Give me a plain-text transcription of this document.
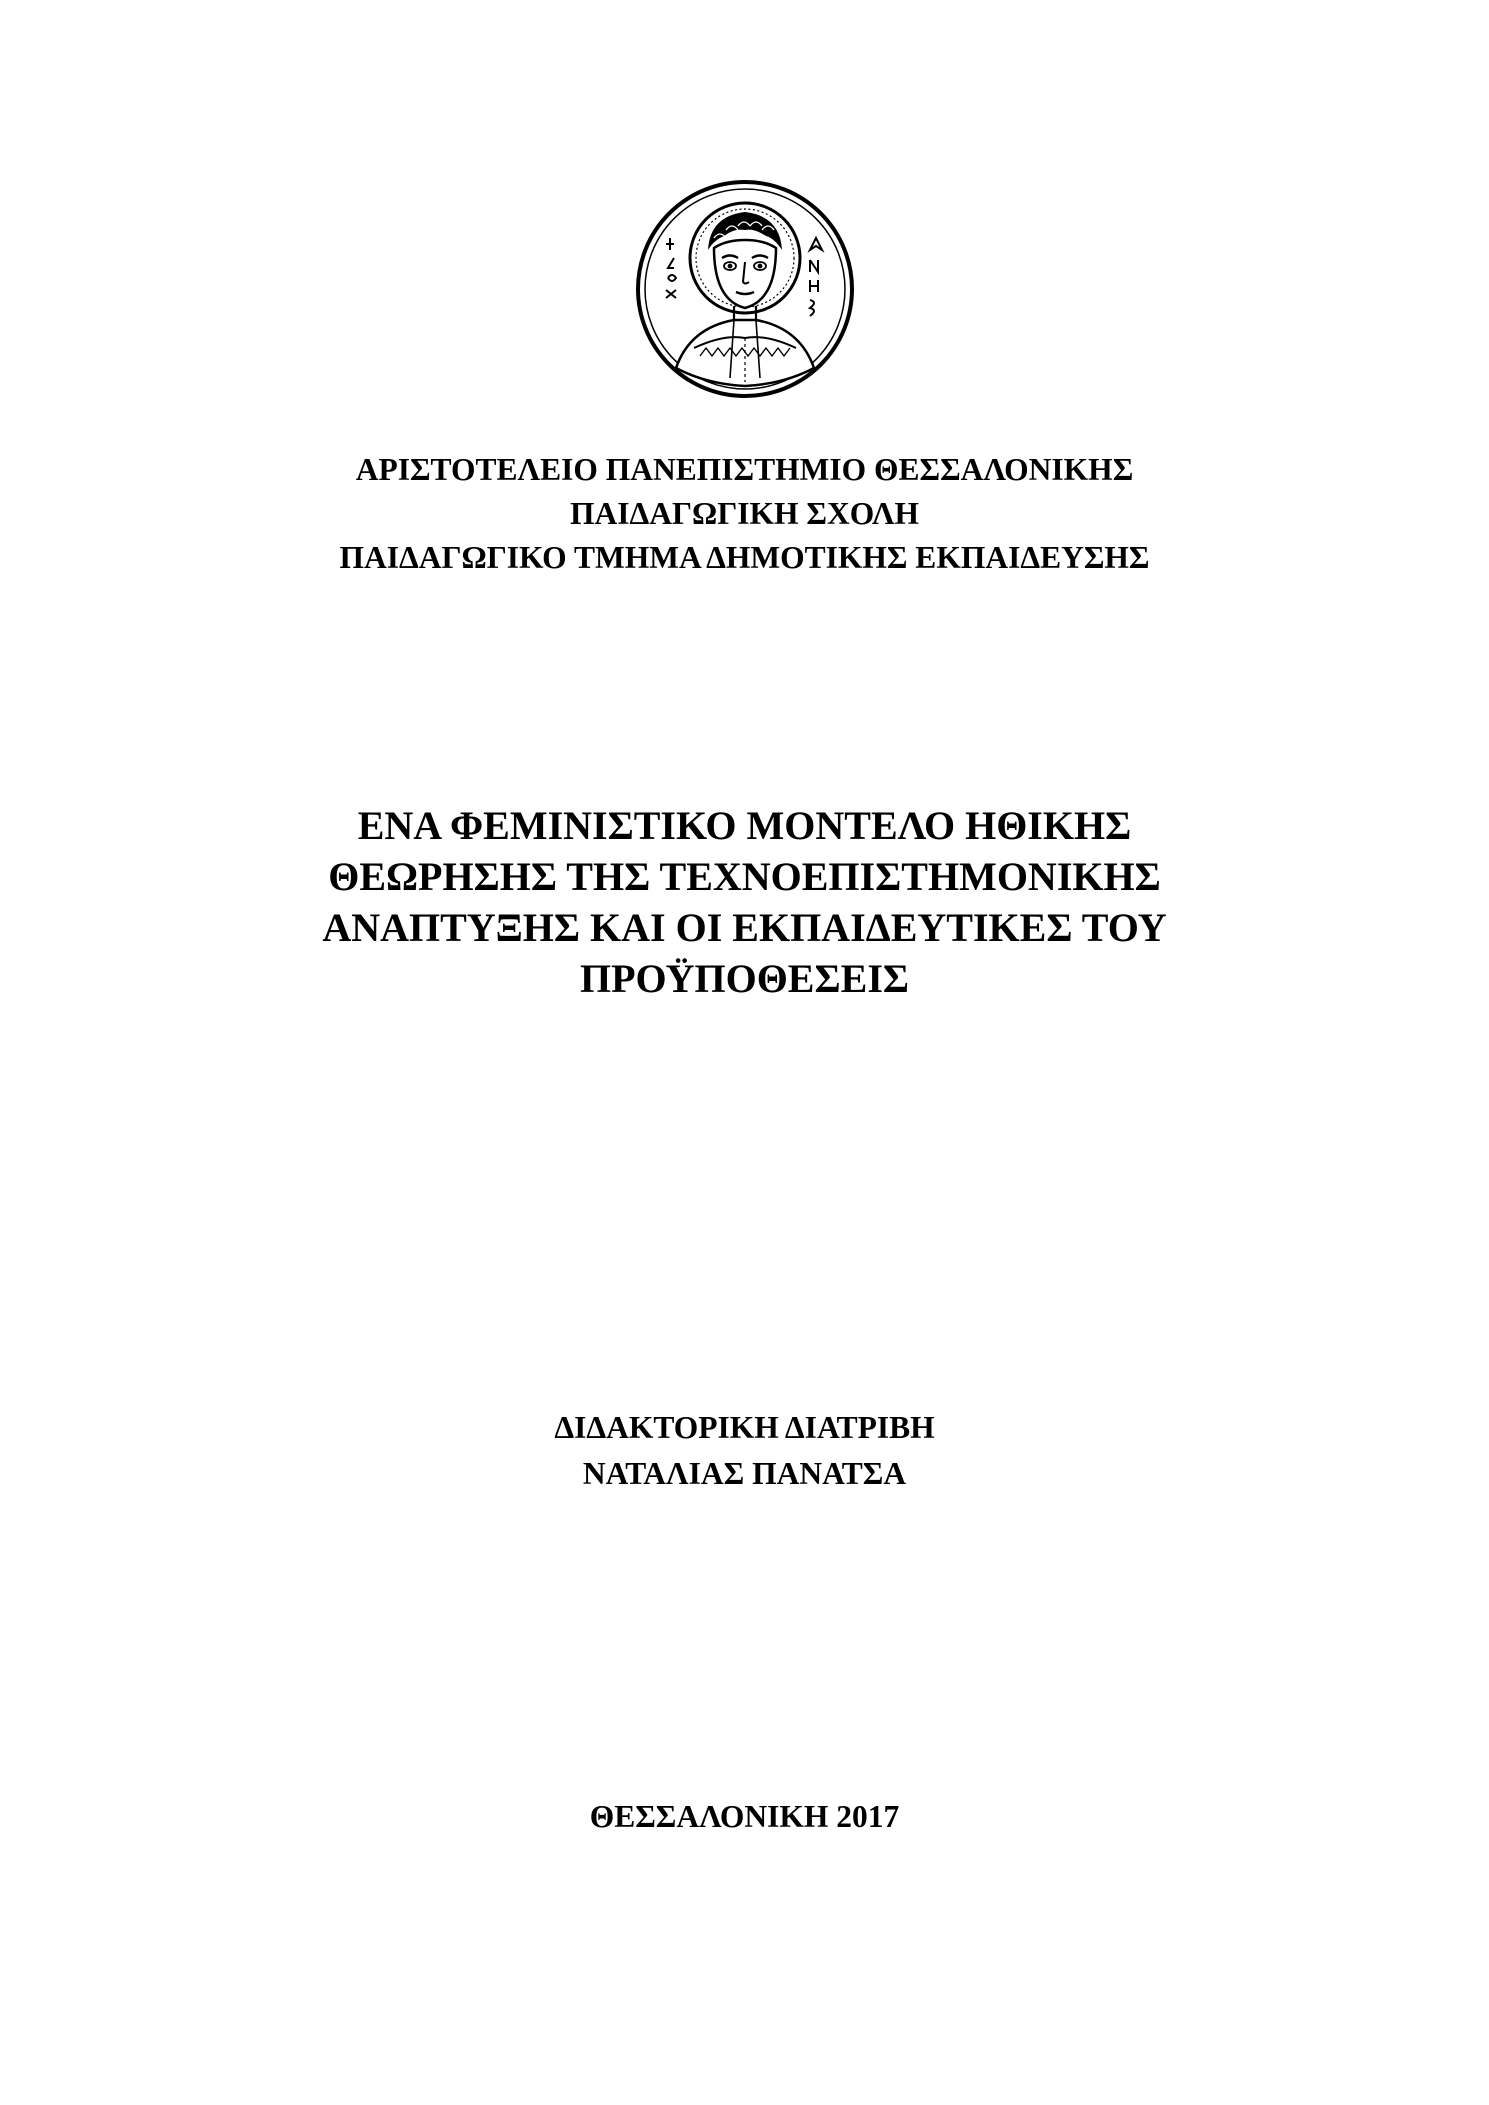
ΑΡΙΣΤΟΤΕΛΕΙΟ ΠΑΝΕΠΙΣΤΗΜΙΟ ΘΕΣΣΑΛΟΝΙΚΗΣ
ΠΑΙΔΑΓΩΓΙΚΗ ΣΧΟΛΗ
ΠΑΙΔΑΓΩΓΙΚΟ ΤΜΗΜΑ ΔΗΜΟΤΙΚΗΣ ΕΚΠΑΙΔΕΥΣΗΣ
ΕΝΑ ΦΕΜΙΝΙΣΤΙΚΟ ΜΟΝΤΕΛΟ ΗΘΙΚΗΣ
ΘΕΩΡΗΣΗΣ ΤΗΣ ΤΕΧΝΟΕΠΙΣΤΗΜΟΝΙΚΗΣ
ΑΝΑΠΤΥΞΗΣ ΚΑΙ ΟΙ ΕΚΠΑΙΔΕΥΤΙΚΕΣ ΤΟΥ
ΠΡΟΫΠΟΘΕΣΕΙΣ
ΔΙΔΑΚΤΟΡΙΚΗ ΔΙΑΤΡΙΒΗ
ΝΑΤΑΛΙΑΣ ΠΑΝΑΤΣΑ
ΘΕΣΣΑΛΟΝΙΚΗ 2017
